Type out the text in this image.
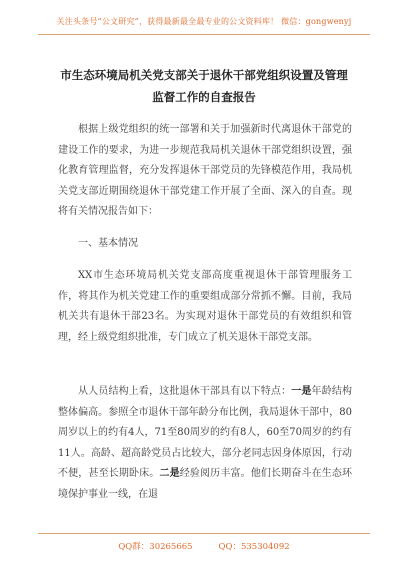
关注头条号“公文研究”，获得最新最全最专业的公文资料库！ 微信：gongwenyj
市生态环境局机关党支部关于退休干部党组织设置及管理
监督工作的自查报告

根据上级党组织的统一部署和关于加强新时代离退休干部党的建设工作的要求，为进一步规范我局机关退休干部党组织设置，强化教育管理监督，充分发挥退休干部党员的先锋模范作用，我局机关党支部近期围绕退休干部党建工作开展了全面、深入的自查。现将有关情况报告如下：

一、基本情况

XX市生态环境局机关党支部高度重视退休干部管理服务工作，将其作为机关党建工作的重要组成部分常抓不懈。目前，我局机关共有退休干部23名。为实现对退休干部党员的有效组织和管理，经上级党组织批准，专门成立了机关退休干部党支部。

从人员结构上看，这批退休干部具有以下特点：一是年龄结构整体偏高。参照全市退休干部年龄分布比例，我局退休干部中，80周岁以上的约有4人，71至80周岁的约有8人，60至70周岁的约有11人。高龄、超高龄党员占比较大，部分老同志因身体原因，行动不便，甚至长期卧床。二是经验阅历丰富。他们长期奋斗在生态环境保护事业一线，在退

QQ群：30265665	QQ：535304092
